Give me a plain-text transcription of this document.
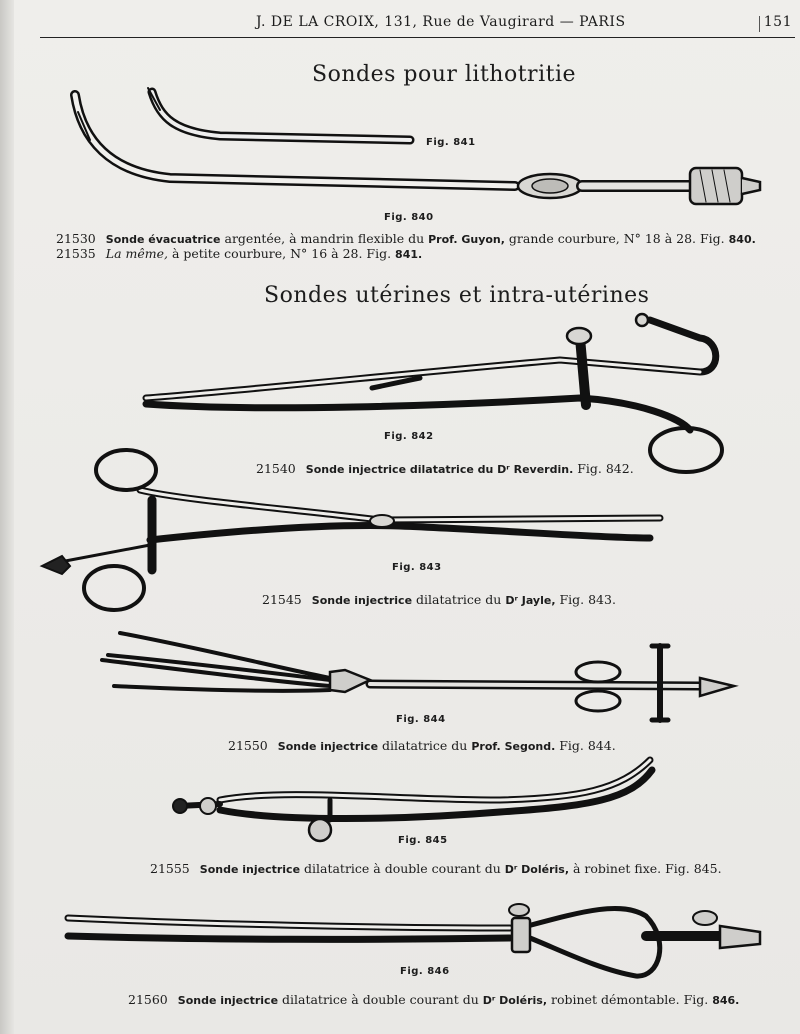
J. DE LA CROIX, 131, Rue de Vaugirard — PARIS	151
Sondes pour lithotritie
Sondes utérines et intra-utérines
Fig. 841
Fig. 840
Fig. 842
Fig. 843
Fig. 844
Fig. 845
Fig. 846
21530 Sonde évacuatrice argentée, à mandrin flexible du Prof. Guyon, grande courbure, N° 18 à 28. Fig. 840.
21535 La même, à petite courbure, N° 16 à 28. Fig. 841.
21540 Sonde injectrice dilatatrice du Dʳ Reverdin. Fig. 842.
21545 Sonde injectrice dilatatrice du Dʳ Jayle, Fig. 843.
21550 Sonde injectrice dilatatrice du Prof. Segond. Fig. 844.
21555 Sonde injectrice dilatatrice à double courant du Dʳ Doléris, à robinet fixe. Fig. 845.
21560 Sonde injectrice dilatatrice à double courant du Dʳ Doléris, robinet démontable. Fig. 846.
